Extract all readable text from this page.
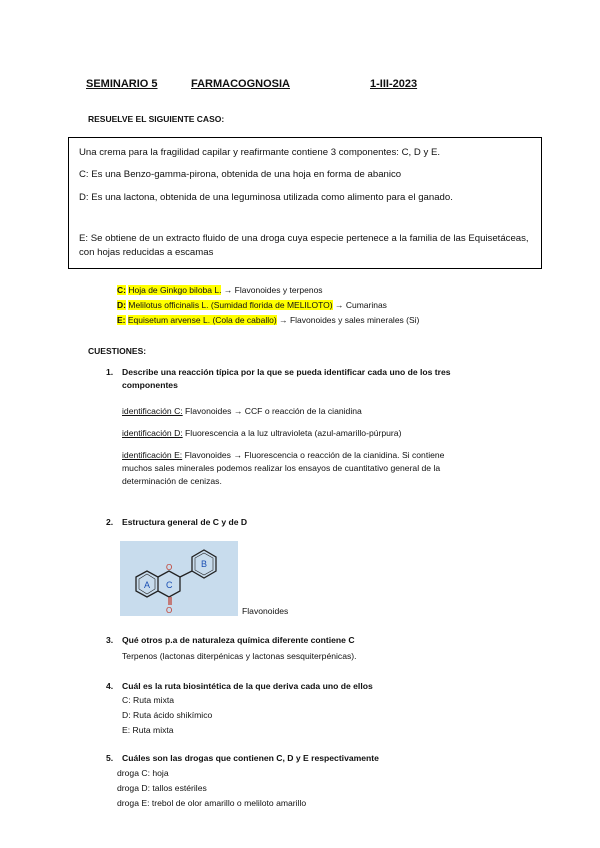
SEMINARIO 5	FARMACOGNOSIA	1-III-2023
RESUELVE EL SIGUIENTE CASO:
Una crema para la fragilidad capilar y reafirmante contiene 3 componentes: C, D y E.
C: Es una Benzo-gamma-pirona, obtenida de una hoja en forma de abanico
D: Es una lactona, obtenida de una leguminosa utilizada como alimento para el ganado.
E: Se obtiene de un extracto fluido de una droga cuya especie pertenece a la familia de las Equisetáceas, con hojas reducidas a escamas
C: Hoja de Ginkgo biloba L. → Flavonoides y terpenos
D: Melilotus officinalis L. (Sumidad florida de MELILOTO) → Cumarinas
E: Equisetum arvense L. (Cola de caballo) → Flavonoides y sales minerales (Si)
CUESTIONES:
1. Describe una reacción típica por la que se pueda identificar cada uno de los tres
componentes
identificación C: Flavonoides → CCF o reacción de la cianidina
identificación D: Fluorescencia a la luz ultravioleta (azul-amarillo-púrpura)
identificación E: Flavonoides → Fluorescencia o reacción de la cianidina. Si contiene
muchos sales minerales podemos realizar los ensayos de cuantitativo general de la
determinación de cenizas.
2. Estructura general de C y de D
A C
B
O
O	Flavonoides
3. Qué otros p.a de naturaleza química diferente contiene C
Terpenos (lactonas diterpénicas y lactonas sesquiterpénicas).
4. Cuál es la ruta biosintética de la que deriva cada uno de ellos
C: Ruta mixta
D: Ruta ácido shikímico
E: Ruta mixta
5. Cuáles son las drogas que contienen C, D y E respectivamente
droga C: hoja
droga D: tallos estériles
droga E: trebol de olor amarillo o meliloto amarillo
